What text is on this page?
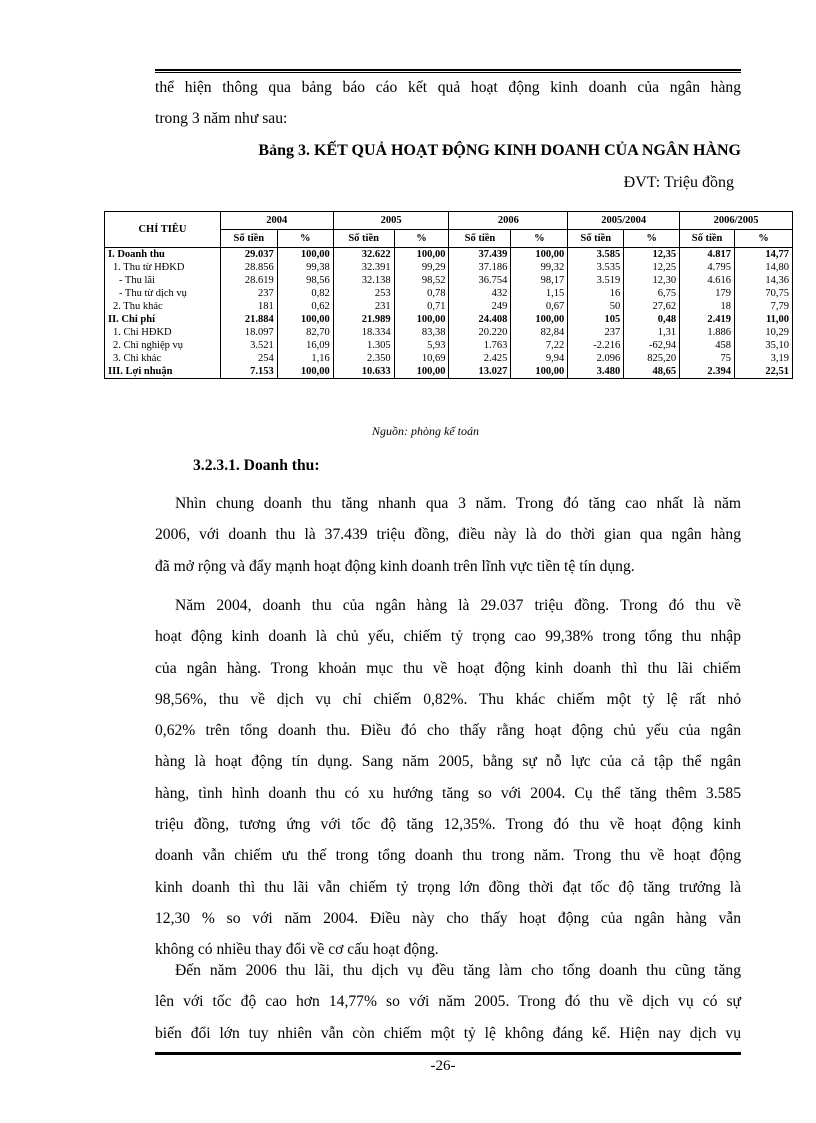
thể hiện thông qua bảng báo cáo kết quả hoạt động kinh doanh của ngân hàng
trong 3 năm như sau:

Bảng 3. KẾT QUẢ HOẠT ĐỘNG KINH DOANH CỦA NGÂN HÀNG

ĐVT: Triệu đồng

CHỈ TIÊU	2004		2005		2006		2005/2004		2006/2005	
	Số tiền	%	Số tiền	%	Số tiền	%	Số tiền	%	Số tiền	%
I. Doanh thu	29.037	100,00	32.622	100,00	37.439	100,00	3.585	12,35	4.817	14,77
1. Thu từ HĐKD	28.856	99,38	32.391	99,29	37.186	99,32	3.535	12,25	4.795	14,80
- Thu lãi	28.619	98,56	32.138	98,52	36.754	98,17	3.519	12,30	4.616	14,36
- Thu từ dịch vụ	237	0,82	253	0,78	432	1,15	16	6,75	179	70,75
2. Thu khác	181	0,62	231	0,71	249	0,67	50	27,62	18	7,79
II. Chi phí	21.884	100,00	21.989	100,00	24.408	100,00	105	0,48	2.419	11,00
1. Chi HĐKD	18.097	82,70	18.334	83,38	20.220	82,84	237	1,31	1.886	10,29
2. Chi nghiệp vụ	3.521	16,09	1.305	5,93	1.763	7,22	-2.216	-62,94	458	35,10
3. Chi khác	254	1,16	2.350	10,69	2.425	9,94	2.096	825,20	75	3,19
III. Lợi nhuận	7.153	100,00	10.633	100,00	13.027	100,00	3.480	48,65	2.394	22,51

Nguồn: phòng kế toán

3.2.3.1. Doanh thu:

Nhìn chung doanh thu tăng nhanh qua 3 năm. Trong đó tăng cao nhất là năm
2006, với doanh thu là 37.439 triệu đồng, điều này là do thời gian qua ngân hàng
đã mở rộng và đẩy mạnh hoạt động kinh doanh trên lĩnh vực tiền tệ tín dụng.
Năm 2004, doanh thu của ngân hàng là 29.037 triệu đồng. Trong đó thu về
hoạt động kinh doanh là chủ yếu, chiếm tỷ trọng cao 99,38% trong tổng thu nhập
của ngân hàng. Trong khoản mục thu về hoạt động kinh doanh thì thu lãi chiếm
98,56%, thu về dịch vụ chỉ chiếm 0,82%. Thu khác chiếm một tỷ lệ rất nhỏ
0,62% trên tổng doanh thu. Điều đó cho thấy rằng hoạt động chủ yếu của ngân
hàng là hoạt động tín dụng. Sang năm 2005, bằng sự nỗ lực của cả tập thể ngân
hàng, tình hình doanh thu có xu hướng tăng so với 2004. Cụ thể tăng thêm 3.585
triệu đồng, tương ứng với tốc độ tăng 12,35%. Trong đó thu về hoạt động kinh
doanh vẫn chiếm ưu thế trong tổng doanh thu trong năm. Trong thu về hoạt động
kinh doanh thì thu lãi vẫn chiếm tỷ trọng lớn đồng thời đạt tốc độ tăng trưởng là
12,30 % so với năm 2004. Điều này cho thấy hoạt động của ngân hàng vẫn
không có nhiều thay đổi về cơ cấu hoạt động.
Đến năm 2006 thu lãi, thu dịch vụ đều tăng làm cho tổng doanh thu cũng tăng
lên với tốc độ cao hơn 14,77% so với năm 2005. Trong đó thu về dịch vụ có sự
biến đổi lớn tuy nhiên vẫn còn chiếm một tỷ lệ không đáng kể. Hiện nay dịch vụ

-26-
